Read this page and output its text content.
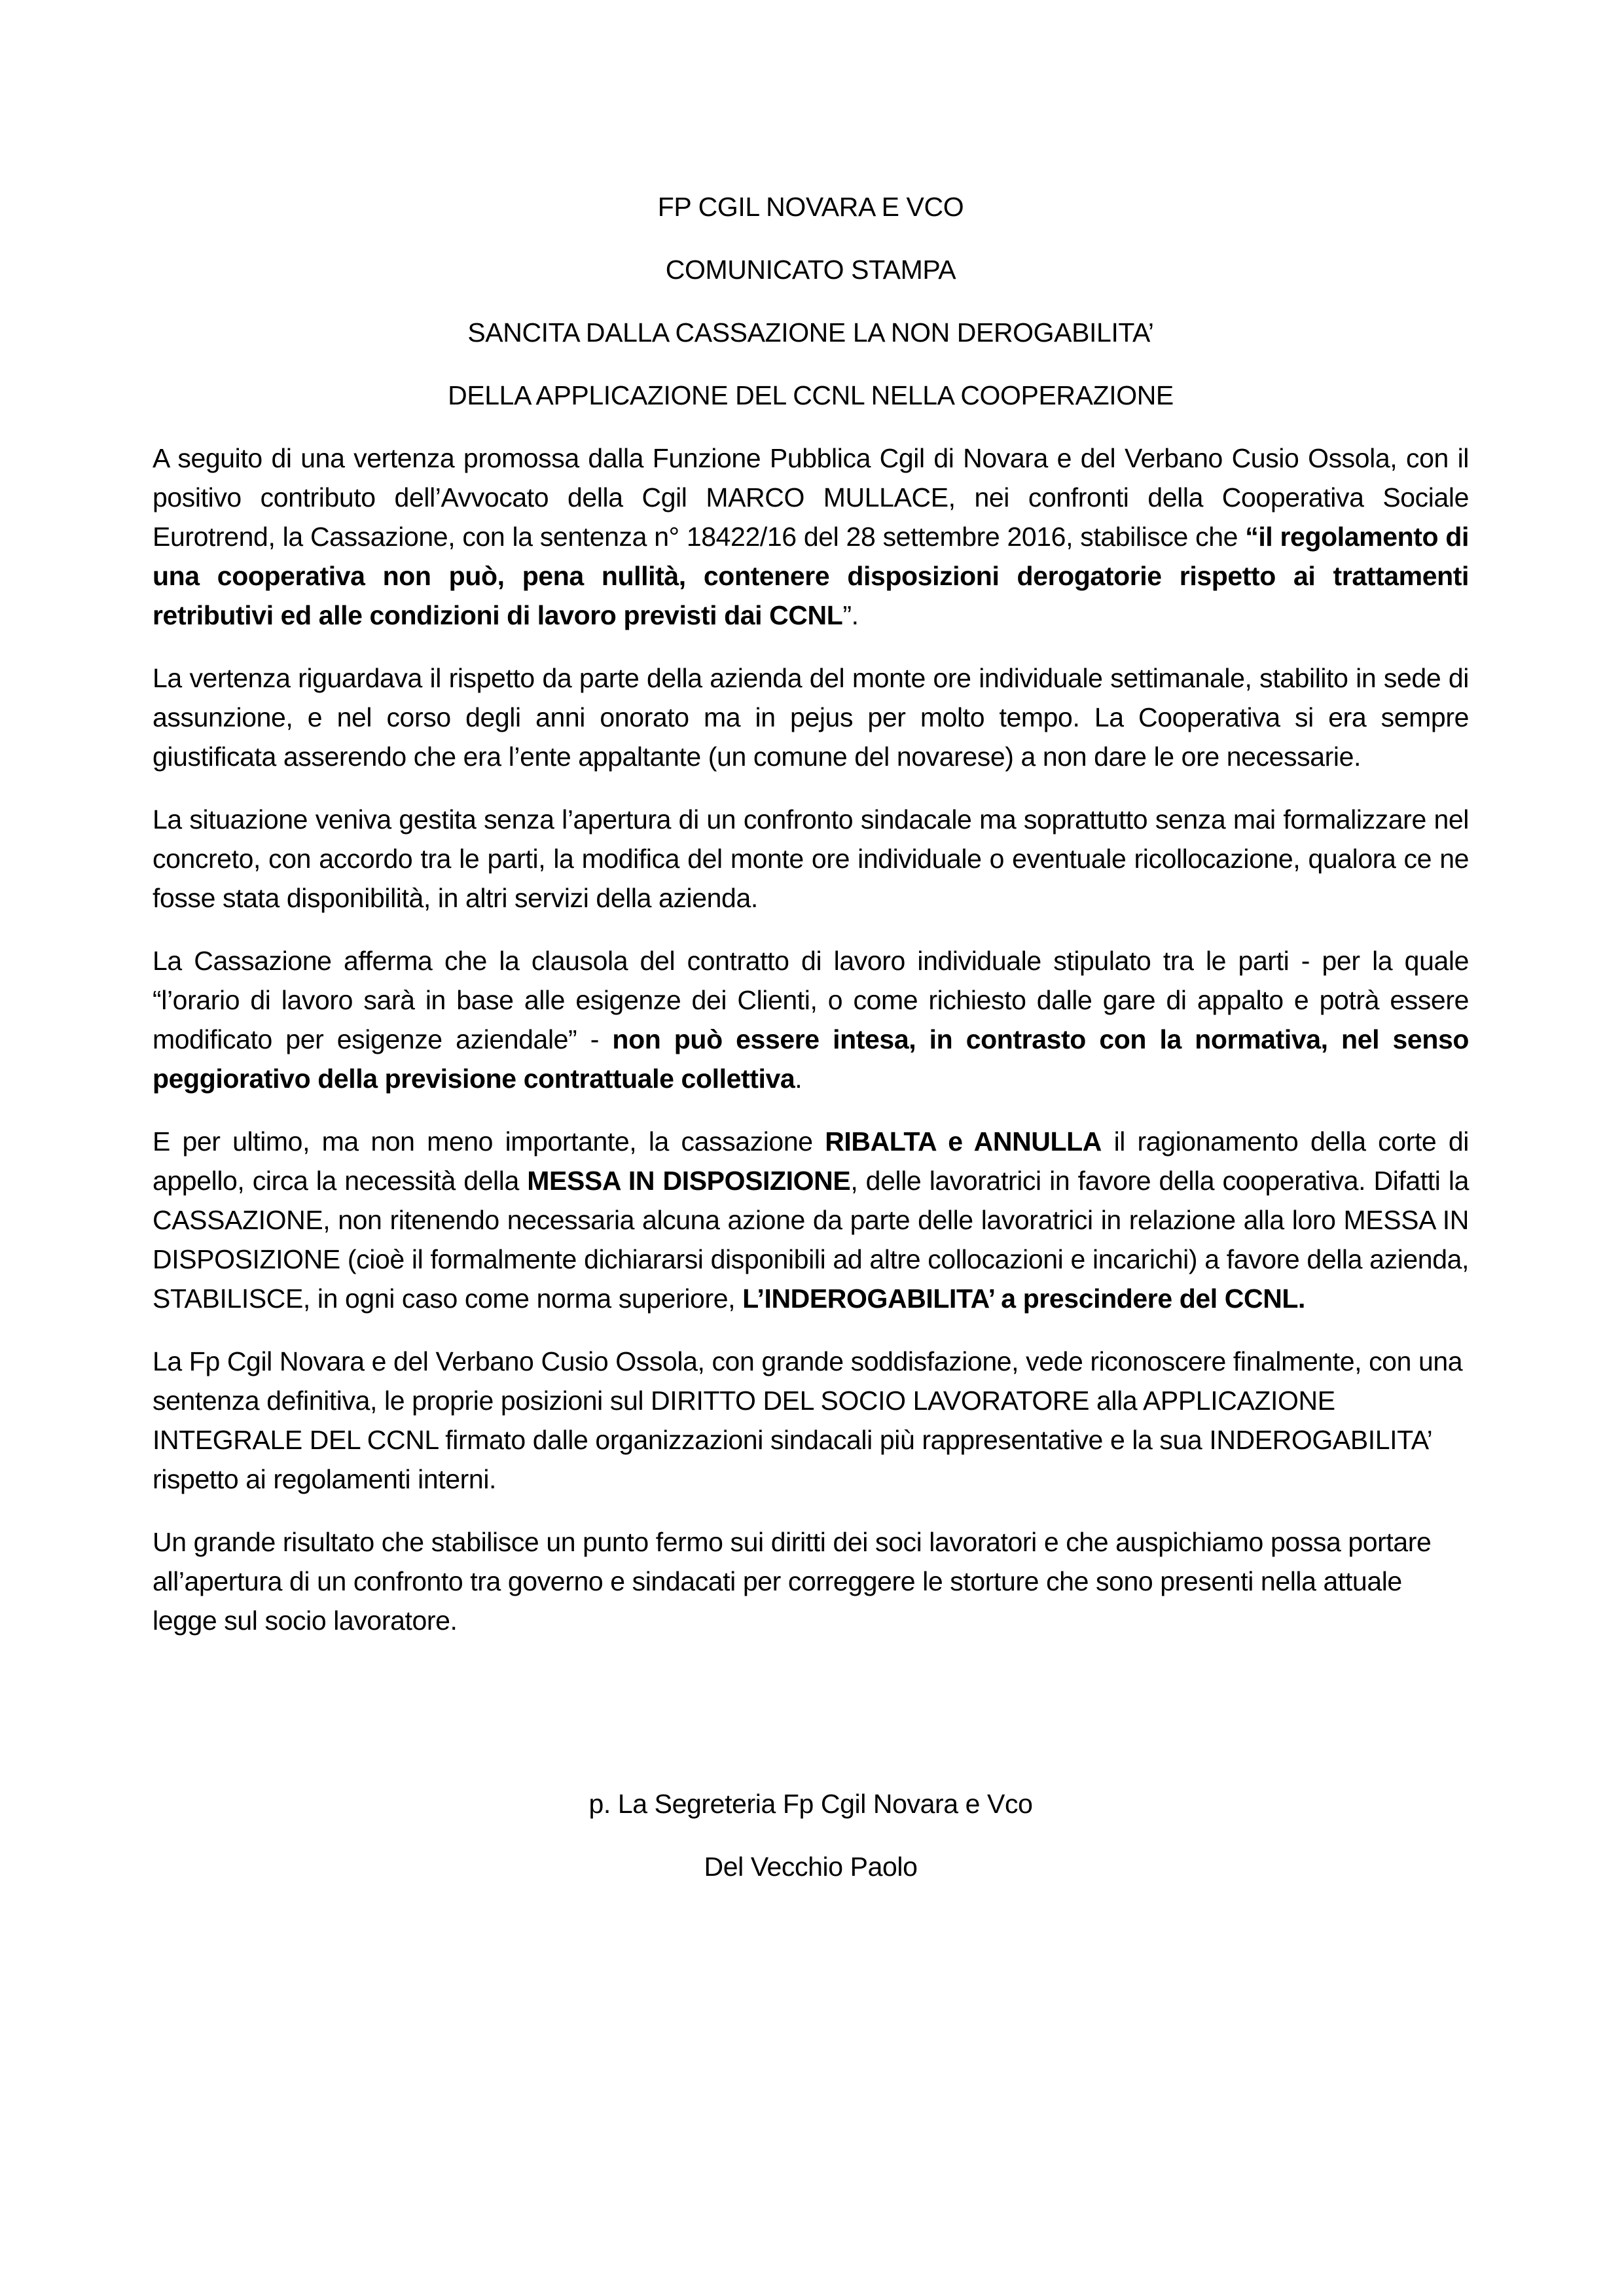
FP CGIL NOVARA E VCO

COMUNICATO STAMPA

SANCITA DALLA CASSAZIONE LA NON DEROGABILITA’

DELLA APPLICAZIONE DEL CCNL NELLA COOPERAZIONE

A seguito di una vertenza promossa dalla Funzione Pubblica Cgil di Novara e del Verbano Cusio Ossola, con il positivo contributo dell’Avvocato della Cgil MARCO MULLACE, nei confronti della Cooperativa Sociale Eurotrend, la Cassazione, con la sentenza n° 18422/16 del 28 settembre 2016, stabilisce che “il regolamento di una cooperativa non può, pena nullità, contenere disposizioni derogatorie rispetto ai trattamenti retributivi ed alle condizioni di lavoro previsti dai CCNL”.

La vertenza riguardava il rispetto da parte della azienda del monte ore individuale settimanale, stabilito in sede di assunzione, e nel corso degli anni onorato ma in pejus per molto tempo. La Cooperativa si era sempre giustificata asserendo che era l’ente appaltante (un comune del novarese) a non dare le ore necessarie.

La situazione veniva gestita senza l’apertura di un confronto sindacale ma soprattutto senza mai formalizzare nel concreto, con accordo tra le parti, la modifica del monte ore individuale o eventuale ricollocazione, qualora ce ne fosse stata disponibilità, in altri servizi della azienda.

La Cassazione afferma che la clausola del contratto di lavoro individuale stipulato tra le parti - per la quale “l’orario di lavoro sarà in base alle esigenze dei Clienti, o come richiesto dalle gare di appalto e potrà essere modificato per esigenze aziendale” - non può essere intesa, in contrasto con la normativa, nel senso peggiorativo della previsione contrattuale collettiva.

E per ultimo, ma non meno importante, la cassazione RIBALTA e ANNULLA il ragionamento della corte di appello, circa la necessità della MESSA IN DISPOSIZIONE, delle lavoratrici in favore della cooperativa. Difatti la CASSAZIONE, non ritenendo necessaria alcuna azione da parte delle lavoratrici in relazione alla loro MESSA IN DISPOSIZIONE (cioè il formalmente dichiararsi disponibili ad altre collocazioni e incarichi) a favore della azienda, STABILISCE, in ogni caso come norma superiore, L’INDEROGABILITA’ a prescindere del CCNL.

La Fp Cgil Novara e del Verbano Cusio Ossola, con grande soddisfazione, vede riconoscere finalmente, con una sentenza definitiva, le proprie posizioni sul DIRITTO DEL SOCIO LAVORATORE alla APPLICAZIONE INTEGRALE DEL CCNL firmato dalle organizzazioni sindacali più rappresentative e la sua INDEROGABILITA’ rispetto ai regolamenti interni.

Un grande risultato che stabilisce un punto fermo sui diritti dei soci lavoratori e che auspichiamo possa portare all’apertura di un confronto tra governo e sindacati per correggere le storture che sono presenti nella attuale legge sul socio lavoratore.

p. La Segreteria Fp Cgil Novara e Vco

Del Vecchio Paolo
